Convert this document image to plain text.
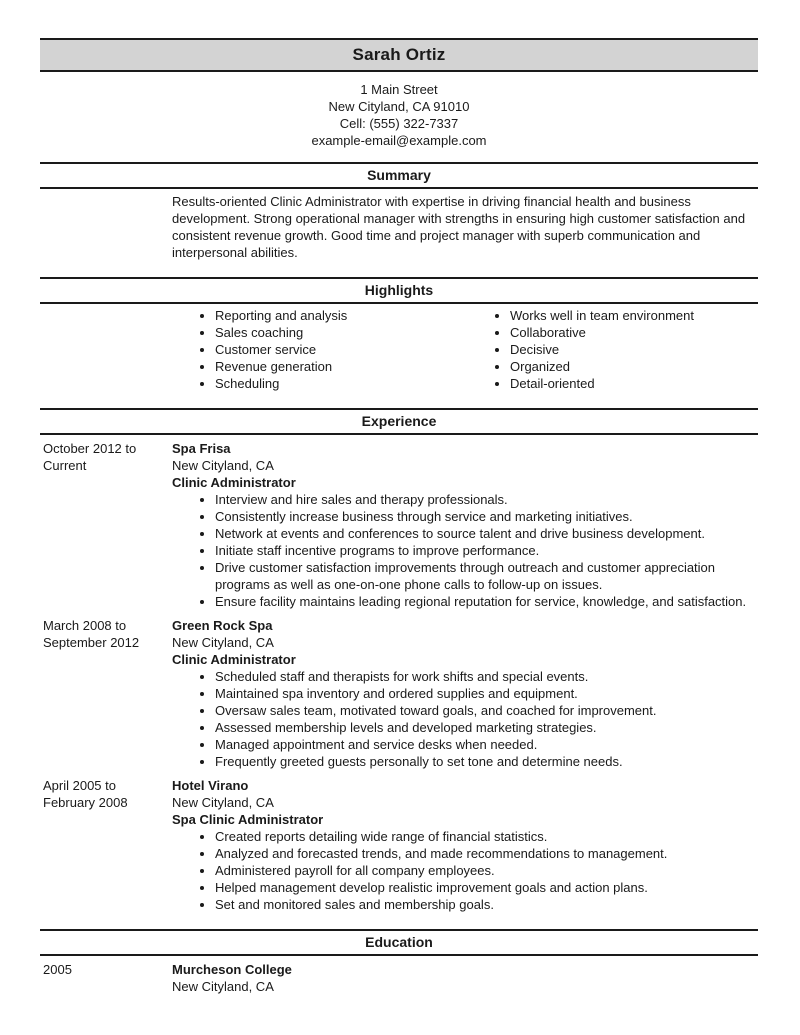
Sarah Ortiz
1 Main Street
New Cityland, CA 91010
Cell: (555) 322-7337
example-email@example.com
Summary

Results-oriented Clinic Administrator with expertise in driving financial health and business development. Strong operational manager with strengths in ensuring high customer satisfaction and consistent revenue growth. Good time and project manager with superb communication and interpersonal abilities.

Highlights
• Reporting and analysis
• Sales coaching
• Customer service
• Revenue generation
• Scheduling
• Works well in team environment
• Collaborative
• Decisive
• Organized
• Detail-oriented
Experience
October 2012 to Current
Spa Frisa
New Cityland, CA
Clinic Administrator
• Interview and hire sales and therapy professionals.
• Consistently increase business through service and marketing initiatives.
• Network at events and conferences to source talent and drive business development.
• Initiate staff incentive programs to improve performance.
• Drive customer satisfaction improvements through outreach and customer appreciation programs as well as one-on-one phone calls to follow-up on issues.
• Ensure facility maintains leading regional reputation for service, knowledge, and satisfaction.
March 2008 to September 2012
Green Rock Spa
New Cityland, CA
Clinic Administrator
• Scheduled staff and therapists for work shifts and special events.
• Maintained spa inventory and ordered supplies and equipment.
• Oversaw sales team, motivated toward goals, and coached for improvement.
• Assessed membership levels and developed marketing strategies.
• Managed appointment and service desks when needed.
• Frequently greeted guests personally to set tone and determine needs.
April 2005 to February 2008
Hotel Virano
New Cityland, CA
Spa Clinic Administrator
• Created reports detailing wide range of financial statistics.
• Analyzed and forecasted trends, and made recommendations to management.
• Administered payroll for all company employees.
• Helped management develop realistic improvement goals and action plans.
• Set and monitored sales and membership goals.
Education
2005	Murcheson College
New Cityland, CA
